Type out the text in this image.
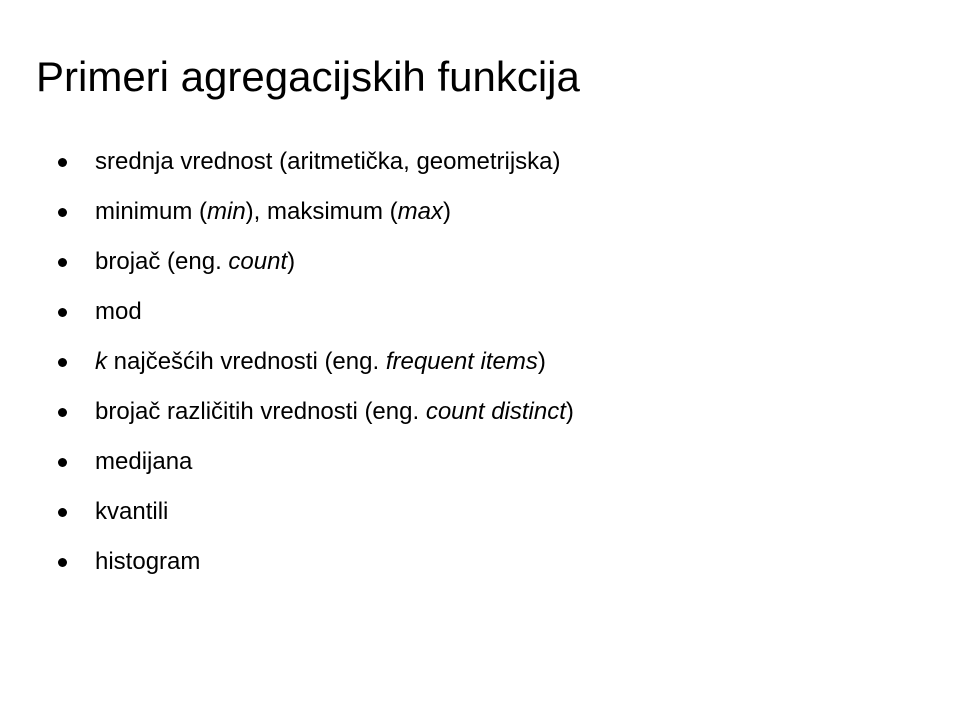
Primeri agregacijskih funkcija
srednja vrednost (aritmetička, geometrijska)
minimum (min), maksimum (max)
brojač (eng. count)
mod
k najčešćih vrednosti (eng. frequent items)
brojač različitih vrednosti (eng. count distinct)
medijana
kvantili
histogram
